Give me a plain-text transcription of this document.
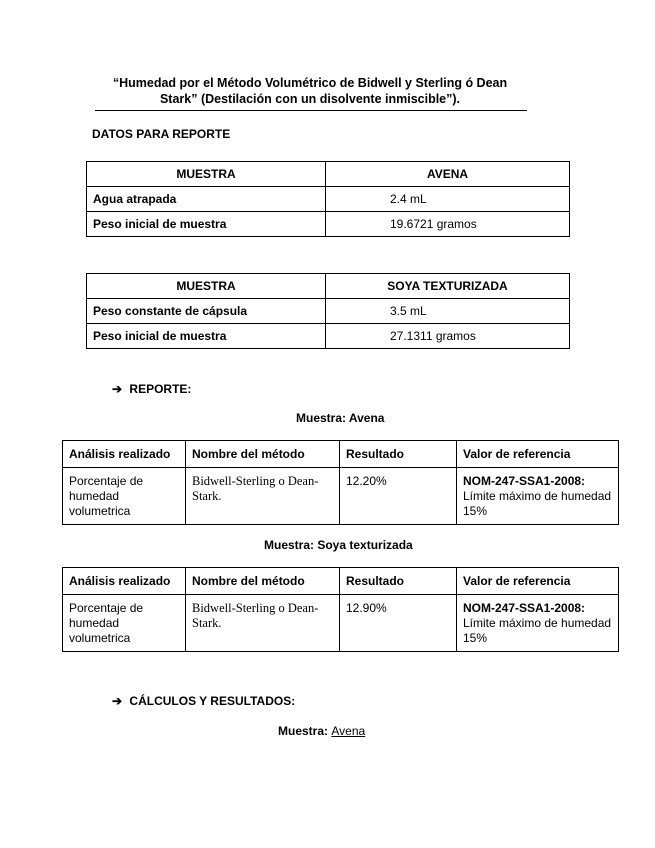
“Humedad por el Método Volumétrico de Bidwell y Sterling ó Dean
Stark” (Destilación con un disolvente inmiscible”).
DATOS PARA REPORTE
MUESTRA	AVENA
Agua atrapada	2.4 mL
Peso inicial de muestra	19.6721 gramos
MUESTRA	SOYA TEXTURIZADA
Peso constante de cápsula	3.5 mL
Peso inicial de muestra	27.1311 gramos
➔ REPORTE:
Muestra: Avena
Análisis realizado	Nombre del método	Resultado	Valor de referencia
Porcentaje de humedad volumetrica	Bidwell-Sterling o Dean-Stark.	12.20%	NOM-247-SSA1-2008:
Límite máximo de humedad 15%
Muestra: Soya texturizada
Análisis realizado	Nombre del método	Resultado	Valor de referencia
Porcentaje de humedad volumetrica	Bidwell-Sterling o Dean-Stark.	12.90%	NOM-247-SSA1-2008:
Límite máximo de humedad 15%
➔ CÁLCULOS Y RESULTADOS:
Muestra: Avena
